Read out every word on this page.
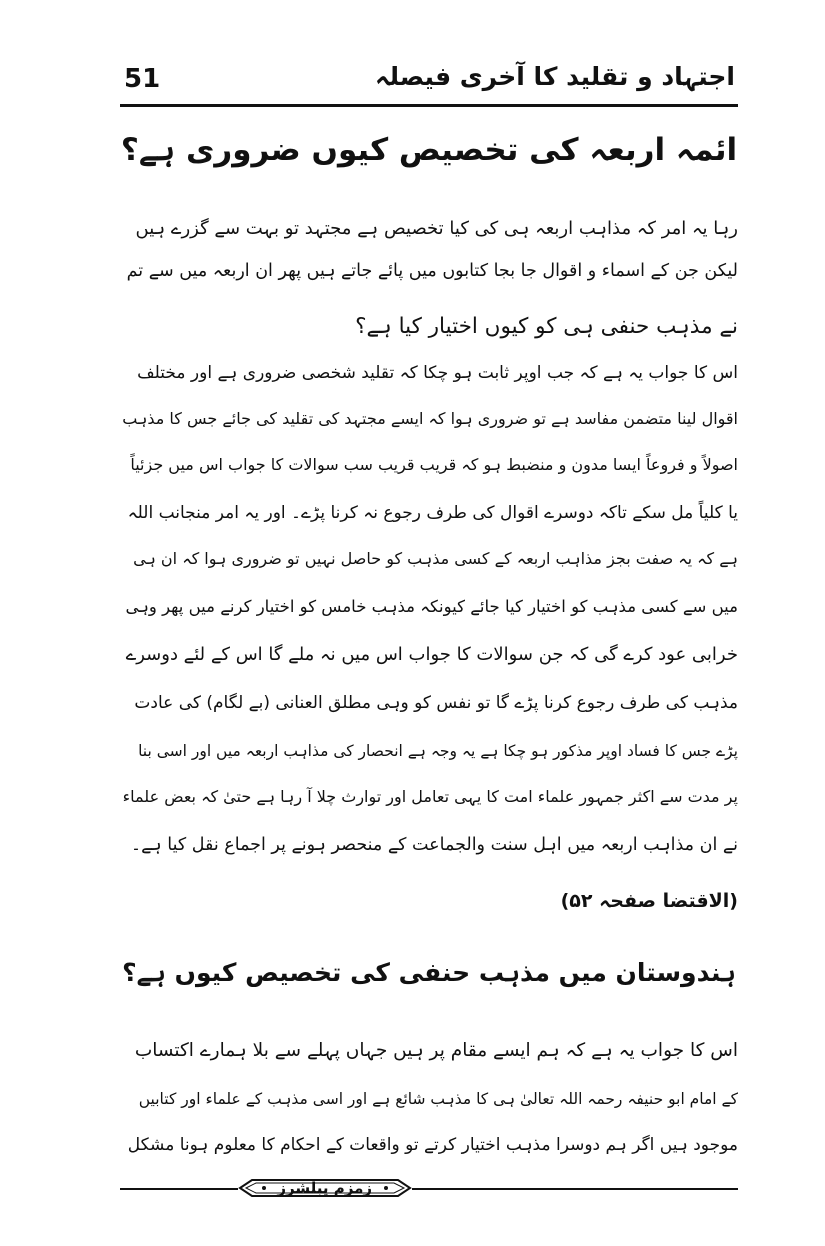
51	اجتہاد و تقلید کا آخری فیصلہ
ائمہ اربعہ کی تخصیص کیوں ضروری ہے؟
رہا یہ امر کہ مذاہب اربعہ ہی کی کیا تخصیص ہے مجتہد تو بہت سے گزرے ہیں
لیکن جن کے اسماء و اقوال جا بجا کتابوں میں پائے جاتے ہیں پھر ان اربعہ میں سے تم
نے مذہب حنفی ہی کو کیوں اختیار کیا ہے؟
اس کا جواب یہ ہے کہ جب اوپر ثابت ہو چکا کہ تقلید شخصی ضروری ہے اور مختلف
اقوال لینا متضمن مفاسد ہے تو ضروری ہوا کہ ایسے مجتہد کی تقلید کی جائے جس کا مذہب
اصولاً و فروعاً ایسا مدون و منضبط ہو کہ قریب قریب سب سوالات کا جواب اس میں جزئیاً
یا کلیاً مل سکے تاکہ دوسرے اقوال کی طرف رجوع نہ کرنا پڑے۔ اور یہ امر منجانب اللہ
ہے کہ یہ صفت بجز مذاہب اربعہ کے کسی مذہب کو حاصل نہیں تو ضروری ہوا کہ ان ہی
میں سے کسی مذہب کو اختیار کیا جائے کیونکہ مذہب خامس کو اختیار کرنے میں پھر وہی
خرابی عود کرے گی کہ جن سوالات کا جواب اس میں نہ ملے گا اس کے لئے دوسرے
مذہب کی طرف رجوع کرنا پڑے گا تو نفس کو وہی مطلق العنانی (بے لگام) کی عادت
پڑے جس کا فساد اوپر مذکور ہو چکا ہے یہ وجہ ہے انحصار کی مذاہب اربعہ میں اور اسی بنا
پر مدت سے اکثر جمہور علماء امت کا یہی تعامل اور توارث چلا آ رہا ہے حتیٰ کہ بعض علماء
نے ان مذاہب اربعہ میں اہل سنت والجماعت کے منحصر ہونے پر اجماع نقل کیا ہے۔
(الاقتضا صفحہ ۵۲)
ہندوستان میں مذہب حنفی کی تخصیص کیوں ہے؟
اس کا جواب یہ ہے کہ ہم ایسے مقام پر ہیں جہاں پہلے سے بلا ہمارے اکتساب
کے امام ابو حنیفہ رحمہ اللہ تعالیٰ ہی کا مذہب شائع ہے اور اسی مذہب کے علماء اور کتابیں
موجود ہیں اگر ہم دوسرا مذہب اختیار کرتے تو واقعات کے احکام کا معلوم ہونا مشکل
زمزم پبلشرز
